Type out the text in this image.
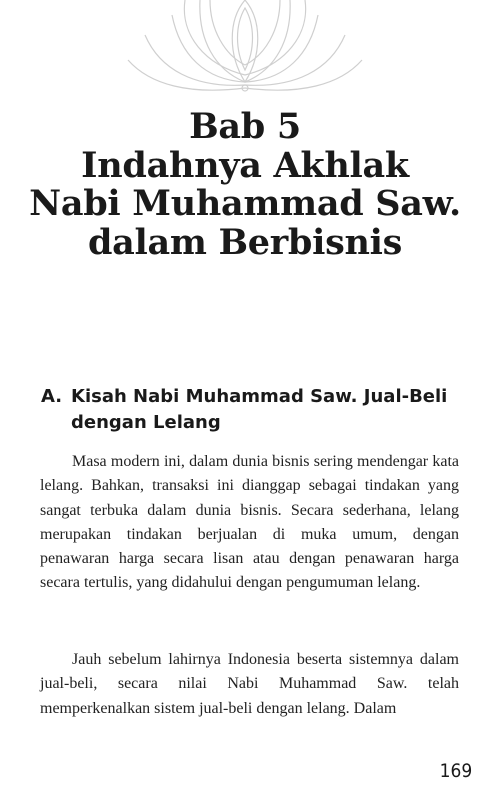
Bab 5
Indahnya Akhlak
Nabi Muhammad Saw.
dalam Berbisnis
A. Kisah Nabi Muhammad Saw. Jual-Beli dengan Lelang

Masa modern ini, dalam dunia bisnis sering mendengar kata lelang. Bahkan, transaksi ini dianggap sebagai tindakan yang sangat terbuka dalam dunia bisnis. Secara sederhana, lelang merupakan tindakan berjualan di muka umum, dengan penawaran harga secara lisan atau dengan penawaran harga secara tertulis, yang didahului dengan pengumuman lelang.

Jauh sebelum lahirnya Indonesia beserta sistemnya dalam jual-beli, secara nilai Nabi Muhammad Saw. telah memperkenalkan sistem jual-beli dengan lelang. Dalam

169
